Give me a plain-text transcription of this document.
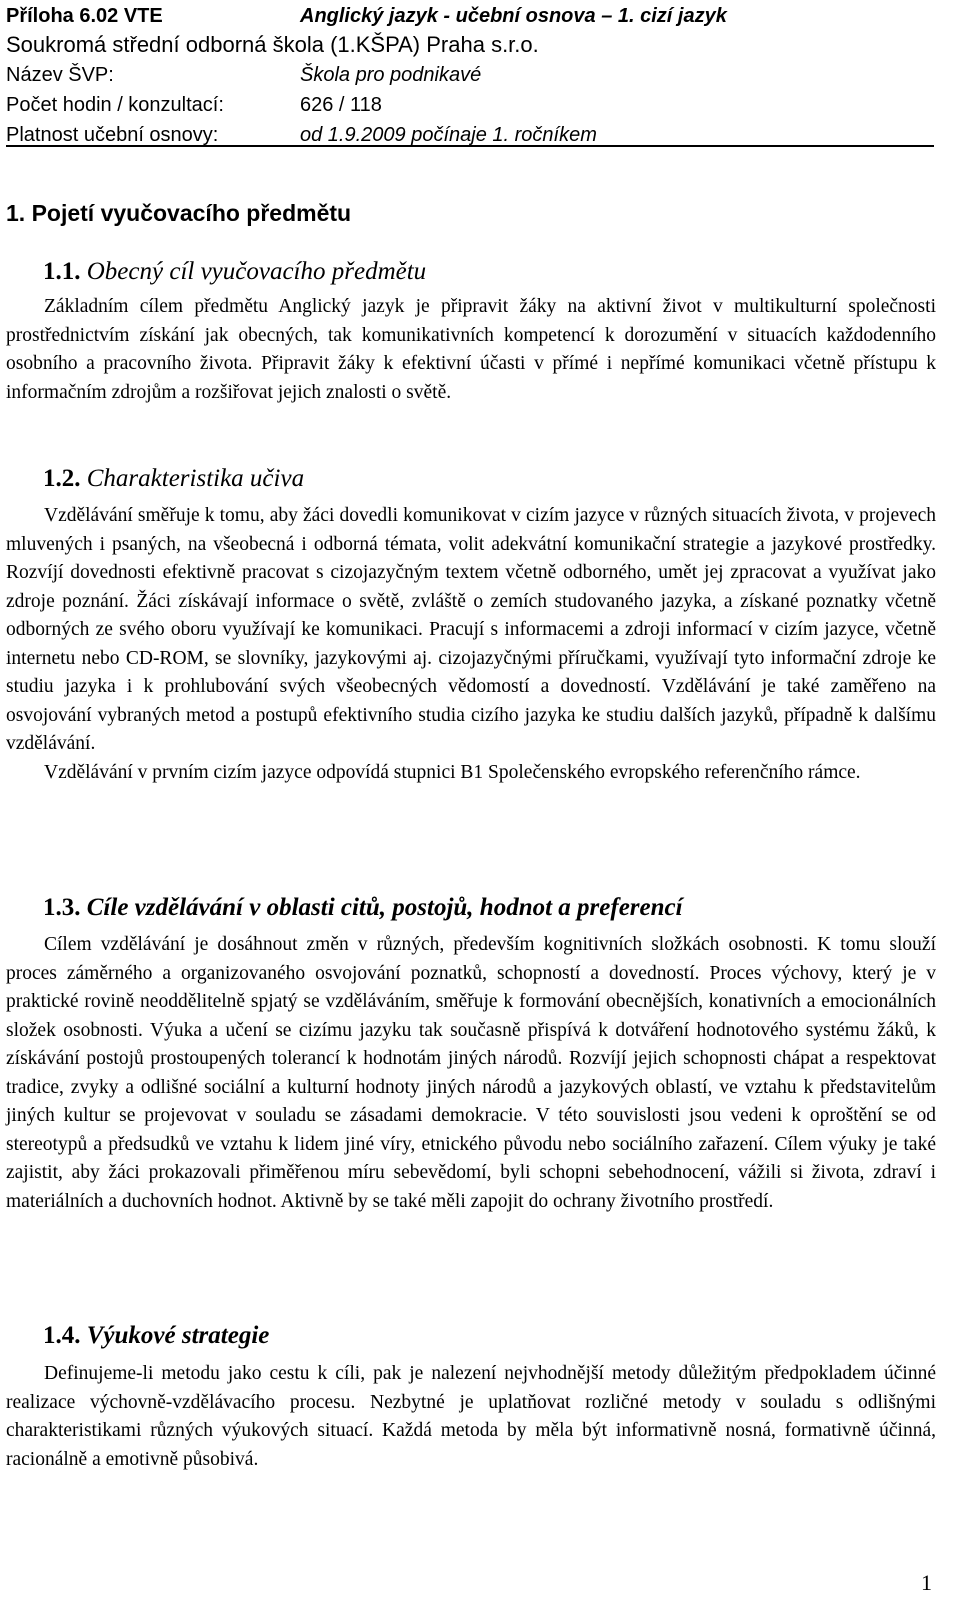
Příloha 6.02 VTE	Anglický jazyk - učební osnova – 1. cizí jazyk
Soukromá střední odborná škola (1.KŠPA) Praha s.r.o.
Název ŠVP:	Škola pro podnikavé
Počet hodin / konzultací:	626 / 118
Platnost učební osnovy:	od 1.9.2009 počínaje 1. ročníkem
1. Pojetí vyučovacího předmětu
1.1. Obecný cíl vyučovacího předmětu

Základním cílem předmětu Anglický jazyk je připravit žáky na aktivní život v multikulturní společnosti prostřednictvím získání jak obecných, tak komunikativních kompetencí k dorozumění v situacích každodenního osobního a pracovního života. Připravit žáky k efektivní účasti v přímé i nepřímé komunikaci včetně přístupu k informačním zdrojům a rozšiřovat jejich znalosti o světě.

1.2. Charakteristika učiva

Vzdělávání směřuje k tomu, aby žáci dovedli komunikovat v cizím jazyce v různých situacích života, v projevech mluvených i psaných, na všeobecná i odborná témata, volit adekvátní komunikační strategie a jazykové prostředky. Rozvíjí dovednosti efektivně pracovat s cizojazyčným textem včetně odborného, umět jej zpracovat a využívat jako zdroje poznání. Žáci získávají informace o světě, zvláště o zemích studovaného jazyka, a získané poznatky včetně odborných ze svého oboru využívají ke komunikaci. Pracují s informacemi a zdroji informací v cizím jazyce, včetně internetu nebo CD-ROM, se slovníky, jazykovými aj. cizojazyčnými příručkami, využívají tyto informační zdroje ke studiu jazyka i k prohlubování svých všeobecných vědomostí a dovedností. Vzdělávání je také zaměřeno na osvojování vybraných metod a postupů efektivního studia cizího jazyka ke studiu dalších jazyků, případně k dalšímu vzdělávání.

Vzdělávání v prvním cizím jazyce odpovídá stupnici B1 Společenského evropského referenčního rámce.

1.3. Cíle vzdělávání v oblasti citů, postojů, hodnot a preferencí

Cílem vzdělávání je dosáhnout změn v různých, především kognitivních složkách osobnosti. K tomu slouží proces záměrného a organizovaného osvojování poznatků, schopností a dovedností. Proces výchovy, který je v praktické rovině neoddělitelně spjatý se vzděláváním, směřuje k formování obecnějších, konativních a emocionálních složek osobnosti. Výuka a učení se cizímu jazyku tak současně přispívá k dotváření hodnotového systému žáků, k získávání postojů prostoupených tolerancí k hodnotám jiných národů. Rozvíjí jejich schopnosti chápat a respektovat tradice, zvyky a odlišné sociální a kulturní hodnoty jiných národů a jazykových oblastí, ve vztahu k představitelům jiných kultur se projevovat v souladu se zásadami demokracie. V této souvislosti jsou vedeni k oproštění se od stereotypů a předsudků ve vztahu k lidem jiné víry, etnického původu nebo sociálního zařazení. Cílem výuky je také zajistit, aby žáci prokazovali přiměřenou míru sebevědomí, byli schopni sebehodnocení, vážili si života, zdraví i materiálních a duchovních hodnot. Aktivně by se také měli zapojit do ochrany životního prostředí.

1.4. Výukové strategie

Definujeme-li metodu jako cestu k cíli, pak je nalezení nejvhodnější metody důležitým předpokladem účinné realizace výchovně-vzdělávacího procesu. Nezbytné je uplatňovat rozličné metody v souladu s odlišnými charakteristikami různých výukových situací. Každá metoda by měla být informativně nosná, formativně účinná, racionálně a emotivně působivá.

1
